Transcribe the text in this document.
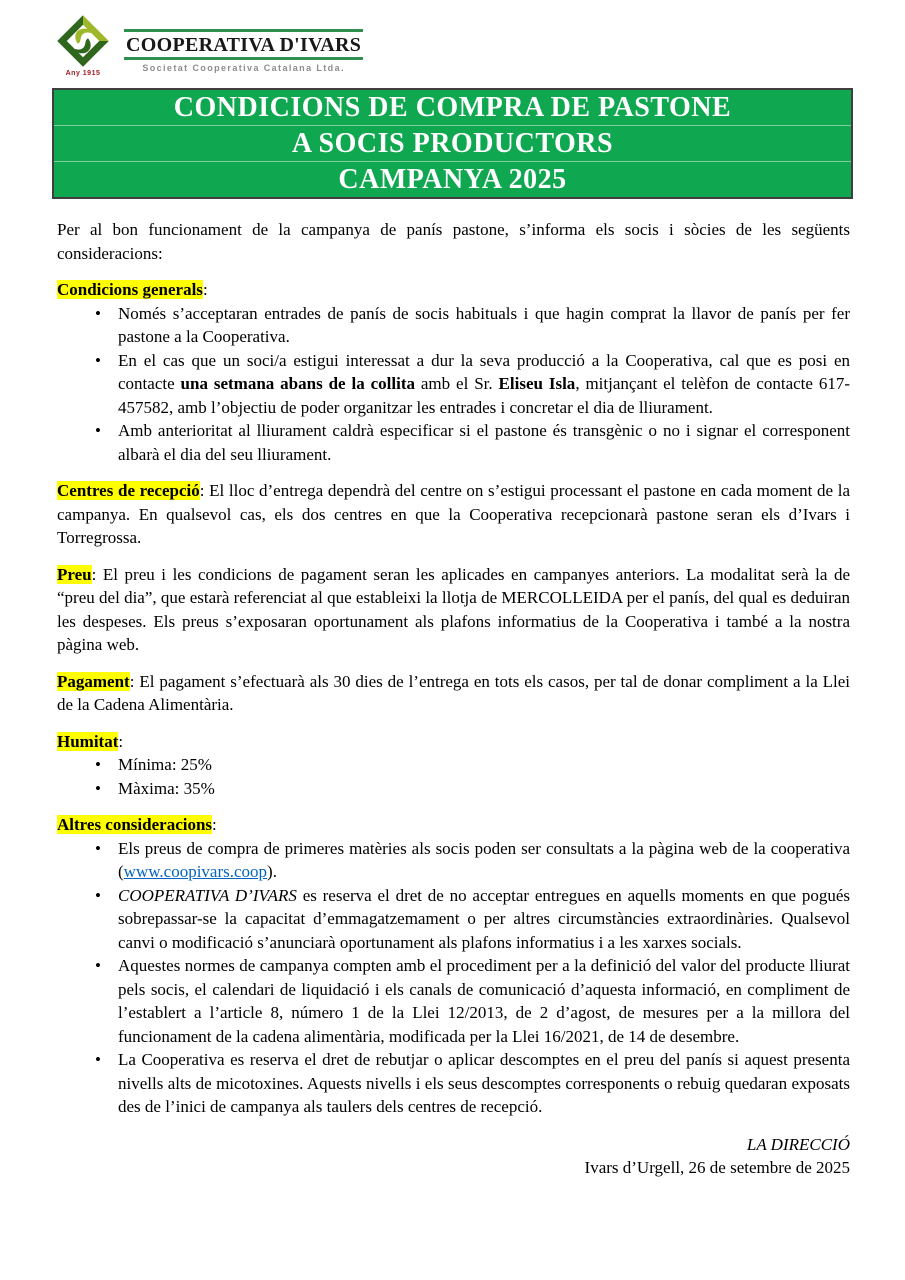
Any 1915
COOPERATIVA D'IVARS
Societat Cooperativa Catalana Ltda.
CONDICIONS DE COMPRA DE PASTONE
A SOCIS PRODUCTORS
CAMPANYA 2025

Per al bon funcionament de la campanya de panís pastone, s’informa els socis i sòcies de les següents consideracions:

Condicions generals:

• Només s’acceptaran entrades de panís de socis habituals i que hagin comprat la llavor de panís per fer pastone a la Cooperativa.
• En el cas que un soci/a estigui interessat a dur la seva producció a la Cooperativa, cal que es posi en contacte una setmana abans de la collita amb el Sr. Eliseu Isla, mitjançant el telèfon de contacte 617-457582, amb l’objectiu de poder organitzar les entrades i concretar el dia de lliurament.
• Amb anterioritat al lliurament caldrà especificar si el pastone és transgènic o no i signar el corresponent albarà el dia del seu lliurament.

Centres de recepció: El lloc d’entrega dependrà del centre on s’estigui processant el pastone en cada moment de la campanya. En qualsevol cas, els dos centres en que la Cooperativa recepcionarà pastone seran els d’Ivars i Torregrossa.

Preu: El preu i les condicions de pagament seran les aplicades en campanyes anteriors. La modalitat serà la de “preu del dia”, que estarà referenciat al que estableixi la llotja de MERCOLLEIDA per el panís, del qual es deduiran les despeses. Els preus s’exposaran oportunament als plafons informatius de la Cooperativa i també a la nostra pàgina web.

Pagament: El pagament s’efectuarà als 30 dies de l’entrega en tots els casos, per tal de donar compliment a la Llei de la Cadena Alimentària.

Humitat:

• Mínima: 25%
• Màxima: 35%

Altres consideracions:

• Els preus de compra de primeres matèries als socis poden ser consultats a la pàgina web de la cooperativa (www.coopivars.coop).
• COOPERATIVA D’IVARS es reserva el dret de no acceptar entregues en aquells moments en que pogués sobrepassar-se la capacitat d’emmagatzemament o per altres circumstàncies extraordinàries. Qualsevol canvi o modificació s’anunciarà oportunament als plafons informatius i a les xarxes socials.
• Aquestes normes de campanya compten amb el procediment per a la definició del valor del producte lliurat pels socis, el calendari de liquidació i els canals de comunicació d’aquesta informació, en compliment de l’establert a l’article 8, número 1 de la Llei 12/2013, de 2 d’agost, de mesures per a la millora del funcionament de la cadena alimentària, modificada per la Llei 16/2021, de 14 de desembre.
• La Cooperativa es reserva el dret de rebutjar o aplicar descomptes en el preu del panís si aquest presenta nivells alts de micotoxines. Aquests nivells i els seus descomptes corresponents o rebuig quedaran exposats des de l’inici de campanya als taulers dels centres de recepció.
LA DIRECCIÓ
Ivars d’Urgell, 26 de setembre de 2025
